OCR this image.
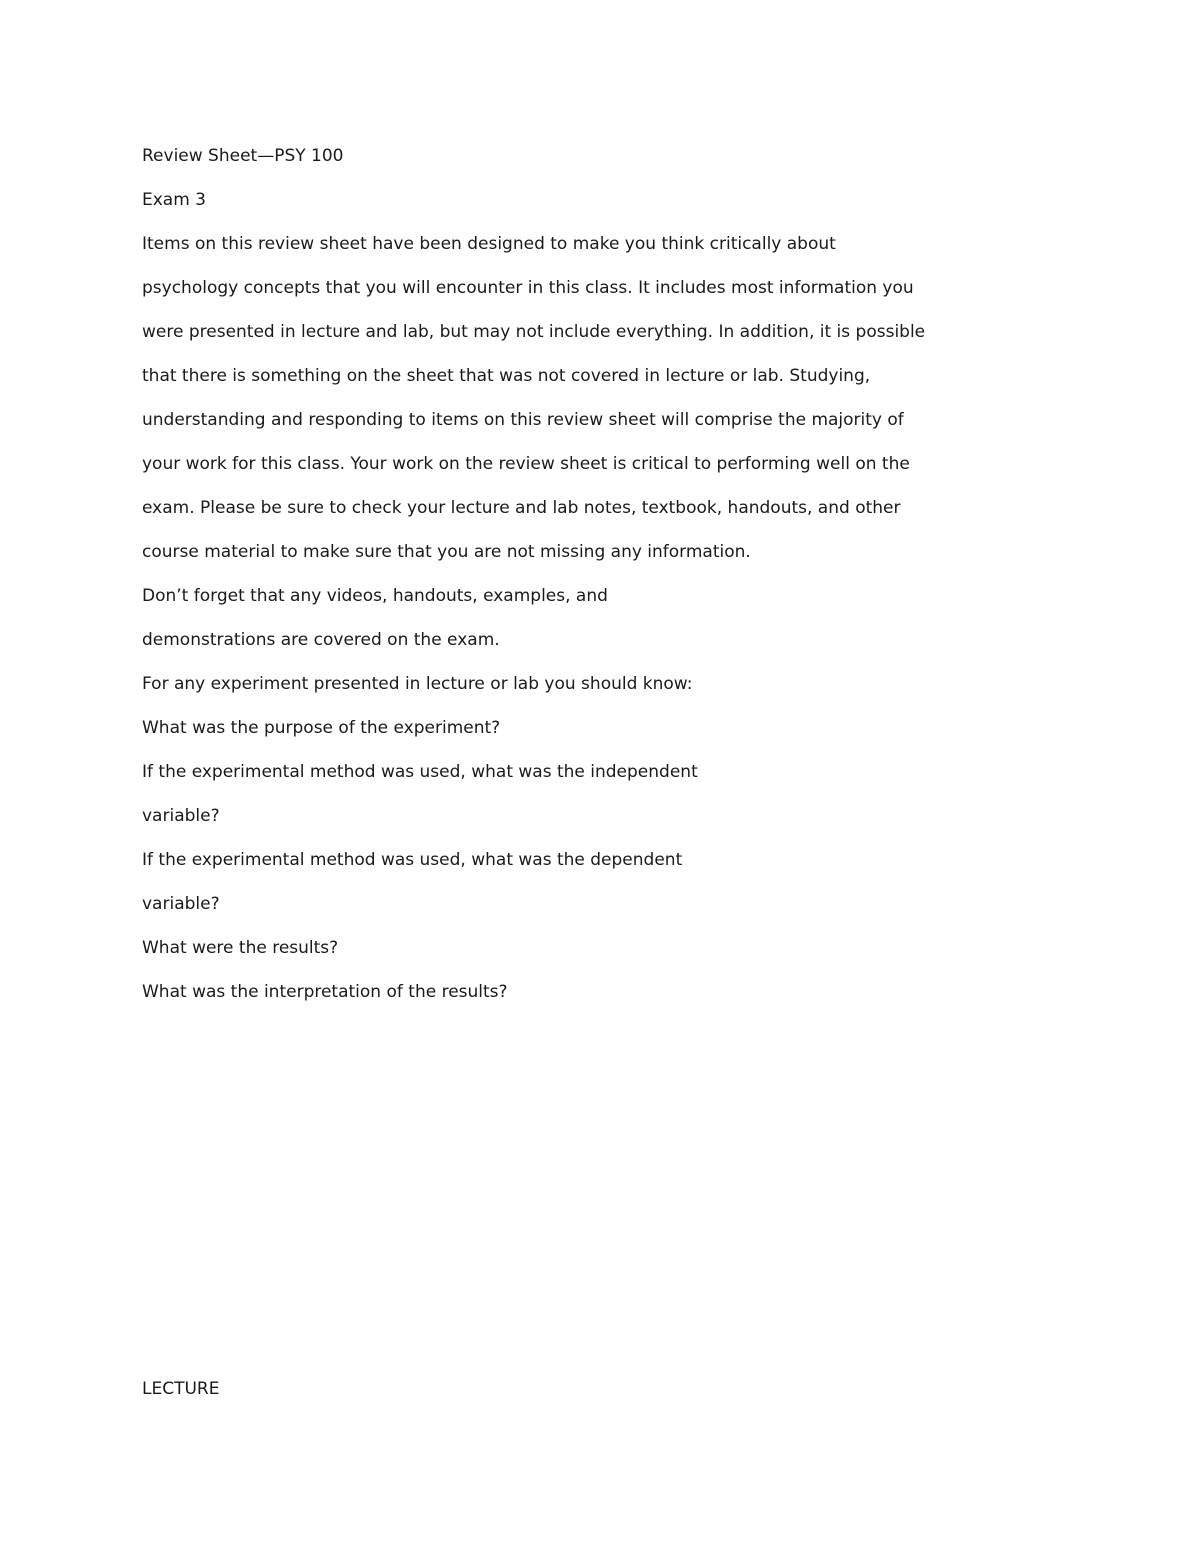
Review Sheet—PSY 100
Exam 3
Items on this review sheet have been designed to make you think critically about
psychology concepts that you will encounter in this class. It includes most information you
were presented in lecture and lab, but may not include everything. In addition, it is possible
that there is something on the sheet that was not covered in lecture or lab. Studying,
understanding and responding to items on this review sheet will comprise the majority of
your work for this class. Your work on the review sheet is critical to performing well on the
exam. Please be sure to check your lecture and lab notes, textbook, handouts, and other
course material to make sure that you are not missing any information.
Don’t forget that any videos, handouts, examples, and
demonstrations are covered on the exam.
For any experiment presented in lecture or lab you should know:
What was the purpose of the experiment?
If the experimental method was used, what was the independent
variable?
If the experimental method was used, what was the dependent
variable?
What were the results?
What was the interpretation of the results?
LECTURE
